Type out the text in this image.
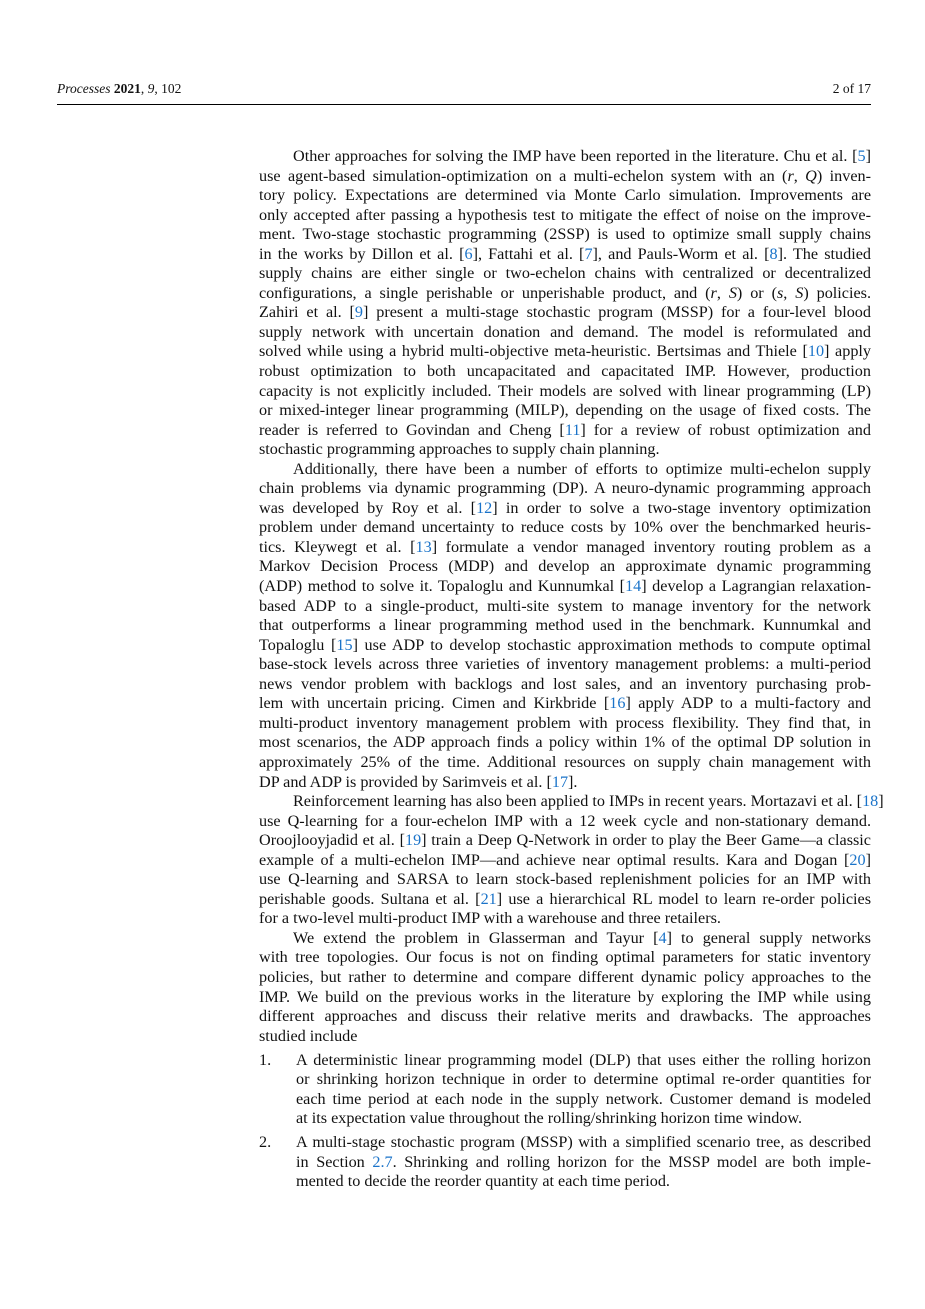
Processes 2021, 9, 102	2 of 17
Other approaches for solving the IMP have been reported in the literature. Chu et al. [5]
use agent-based simulation-optimization on a multi-echelon system with an (r, Q) inven-
tory policy. Expectations are determined via Monte Carlo simulation. Improvements are
only accepted after passing a hypothesis test to mitigate the effect of noise on the improve-
ment. Two-stage stochastic programming (2SSP) is used to optimize small supply chains
in the works by Dillon et al. [6], Fattahi et al. [7], and Pauls-Worm et al. [8]. The studied
supply chains are either single or two-echelon chains with centralized or decentralized
configurations, a single perishable or unperishable product, and (r, S) or (s, S) policies.
Zahiri et al. [9] present a multi-stage stochastic program (MSSP) for a four-level blood
supply network with uncertain donation and demand. The model is reformulated and
solved while using a hybrid multi-objective meta-heuristic. Bertsimas and Thiele [10] apply
robust optimization to both uncapacitated and capacitated IMP. However, production
capacity is not explicitly included. Their models are solved with linear programming (LP)
or mixed-integer linear programming (MILP), depending on the usage of fixed costs. The
reader is referred to Govindan and Cheng [11] for a review of robust optimization and
stochastic programming approaches to supply chain planning.
Additionally, there have been a number of efforts to optimize multi-echelon supply
chain problems via dynamic programming (DP). A neuro-dynamic programming approach
was developed by Roy et al. [12] in order to solve a two-stage inventory optimization
problem under demand uncertainty to reduce costs by 10% over the benchmarked heuris-
tics. Kleywegt et al. [13] formulate a vendor managed inventory routing problem as a
Markov Decision Process (MDP) and develop an approximate dynamic programming
(ADP) method to solve it. Topaloglu and Kunnumkal [14] develop a Lagrangian relaxation-
based ADP to a single-product, multi-site system to manage inventory for the network
that outperforms a linear programming method used in the benchmark. Kunnumkal and
Topaloglu [15] use ADP to develop stochastic approximation methods to compute optimal
base-stock levels across three varieties of inventory management problems: a multi-period
news vendor problem with backlogs and lost sales, and an inventory purchasing prob-
lem with uncertain pricing. Cimen and Kirkbride [16] apply ADP to a multi-factory and
multi-product inventory management problem with process flexibility. They find that, in
most scenarios, the ADP approach finds a policy within 1% of the optimal DP solution in
approximately 25% of the time. Additional resources on supply chain management with
DP and ADP is provided by Sarimveis et al. [17].
Reinforcement learning has also been applied to IMPs in recent years. Mortazavi et al. [18]
use Q-learning for a four-echelon IMP with a 12 week cycle and non-stationary demand.
Oroojlooyjadid et al. [19] train a Deep Q-Network in order to play the Beer Game—a classic
example of a multi-echelon IMP—and achieve near optimal results. Kara and Dogan [20]
use Q-learning and SARSA to learn stock-based replenishment policies for an IMP with
perishable goods. Sultana et al. [21] use a hierarchical RL model to learn re-order policies
for a two-level multi-product IMP with a warehouse and three retailers.
We extend the problem in Glasserman and Tayur [4] to general supply networks
with tree topologies. Our focus is not on finding optimal parameters for static inventory
policies, but rather to determine and compare different dynamic policy approaches to the
IMP. We build on the previous works in the literature by exploring the IMP while using
different approaches and discuss their relative merits and drawbacks. The approaches
studied include
1. A deterministic linear programming model (DLP) that uses either the rolling horizon
or shrinking horizon technique in order to determine optimal re-order quantities for
each time period at each node in the supply network. Customer demand is modeled
at its expectation value throughout the rolling/shrinking horizon time window.
2. A multi-stage stochastic program (MSSP) with a simplified scenario tree, as described
in Section 2.7. Shrinking and rolling horizon for the MSSP model are both imple-
mented to decide the reorder quantity at each time period.
